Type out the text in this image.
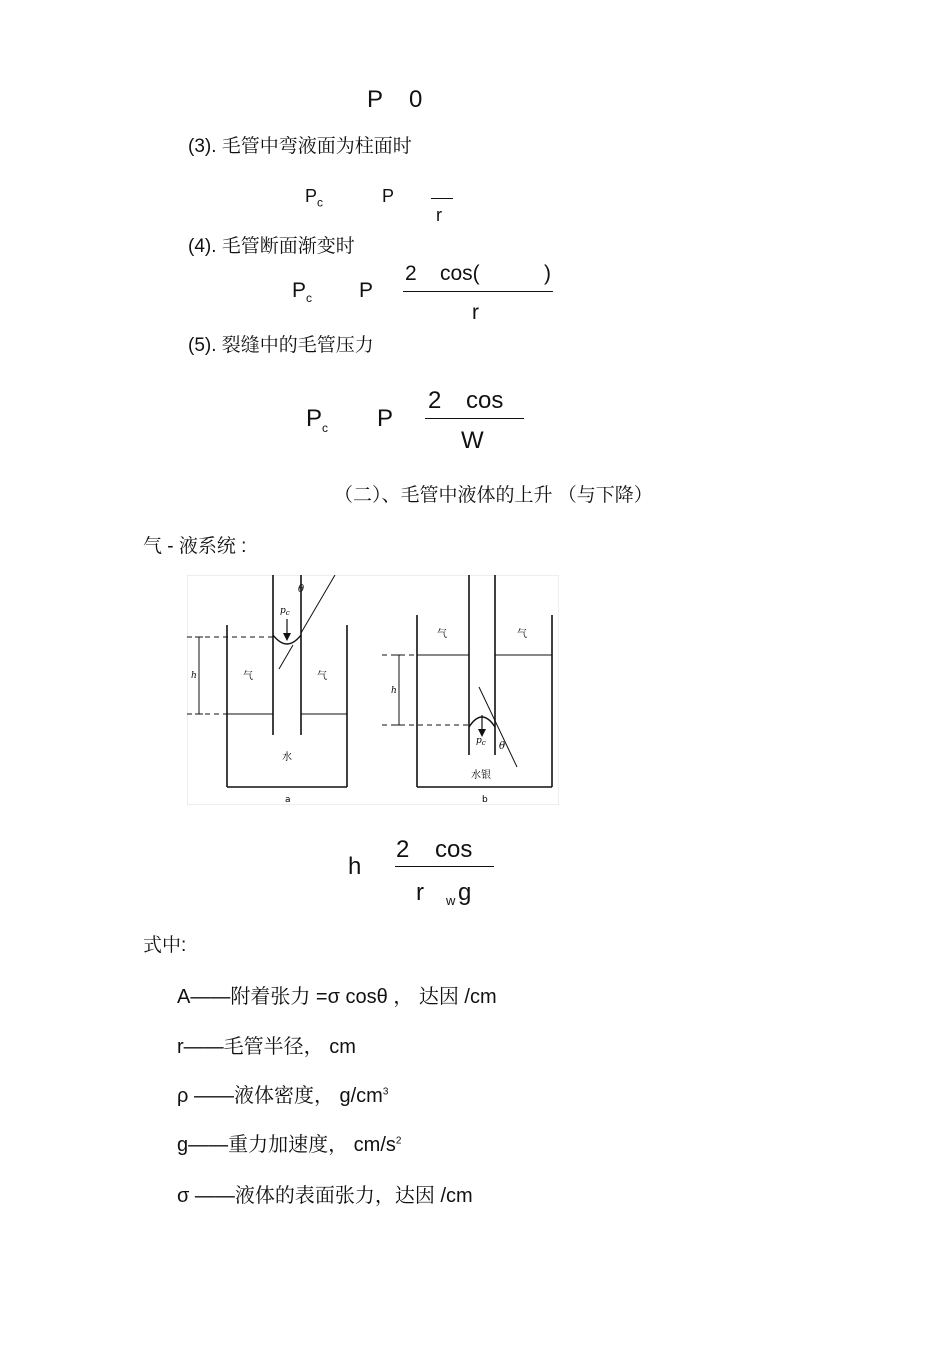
P 0
(3). 毛管中弯液面为柱面时
$P_c$	P
r
(4). 毛管断面渐变时
$P_c$ P
2 cos(	)
r
(5). 裂缝中的毛管压力
$P_c$ P
2 cos
W
（二）、毛管中液体的上升 （与下降）
气 - 液系统 :
θ
$p_c$
气	气
h
水
a
气	气
h
$p_c$ θ
水银
b
h
2 cos
r w g
式中:
A——附着张力 =σ cosθ ， 达因 /cm
r——毛管半径， cm
ρ ——液体密度， $g/cm^3$
g——重力加速度， $cm/s^2$
σ ——液体的表面张力，达因 /cm
